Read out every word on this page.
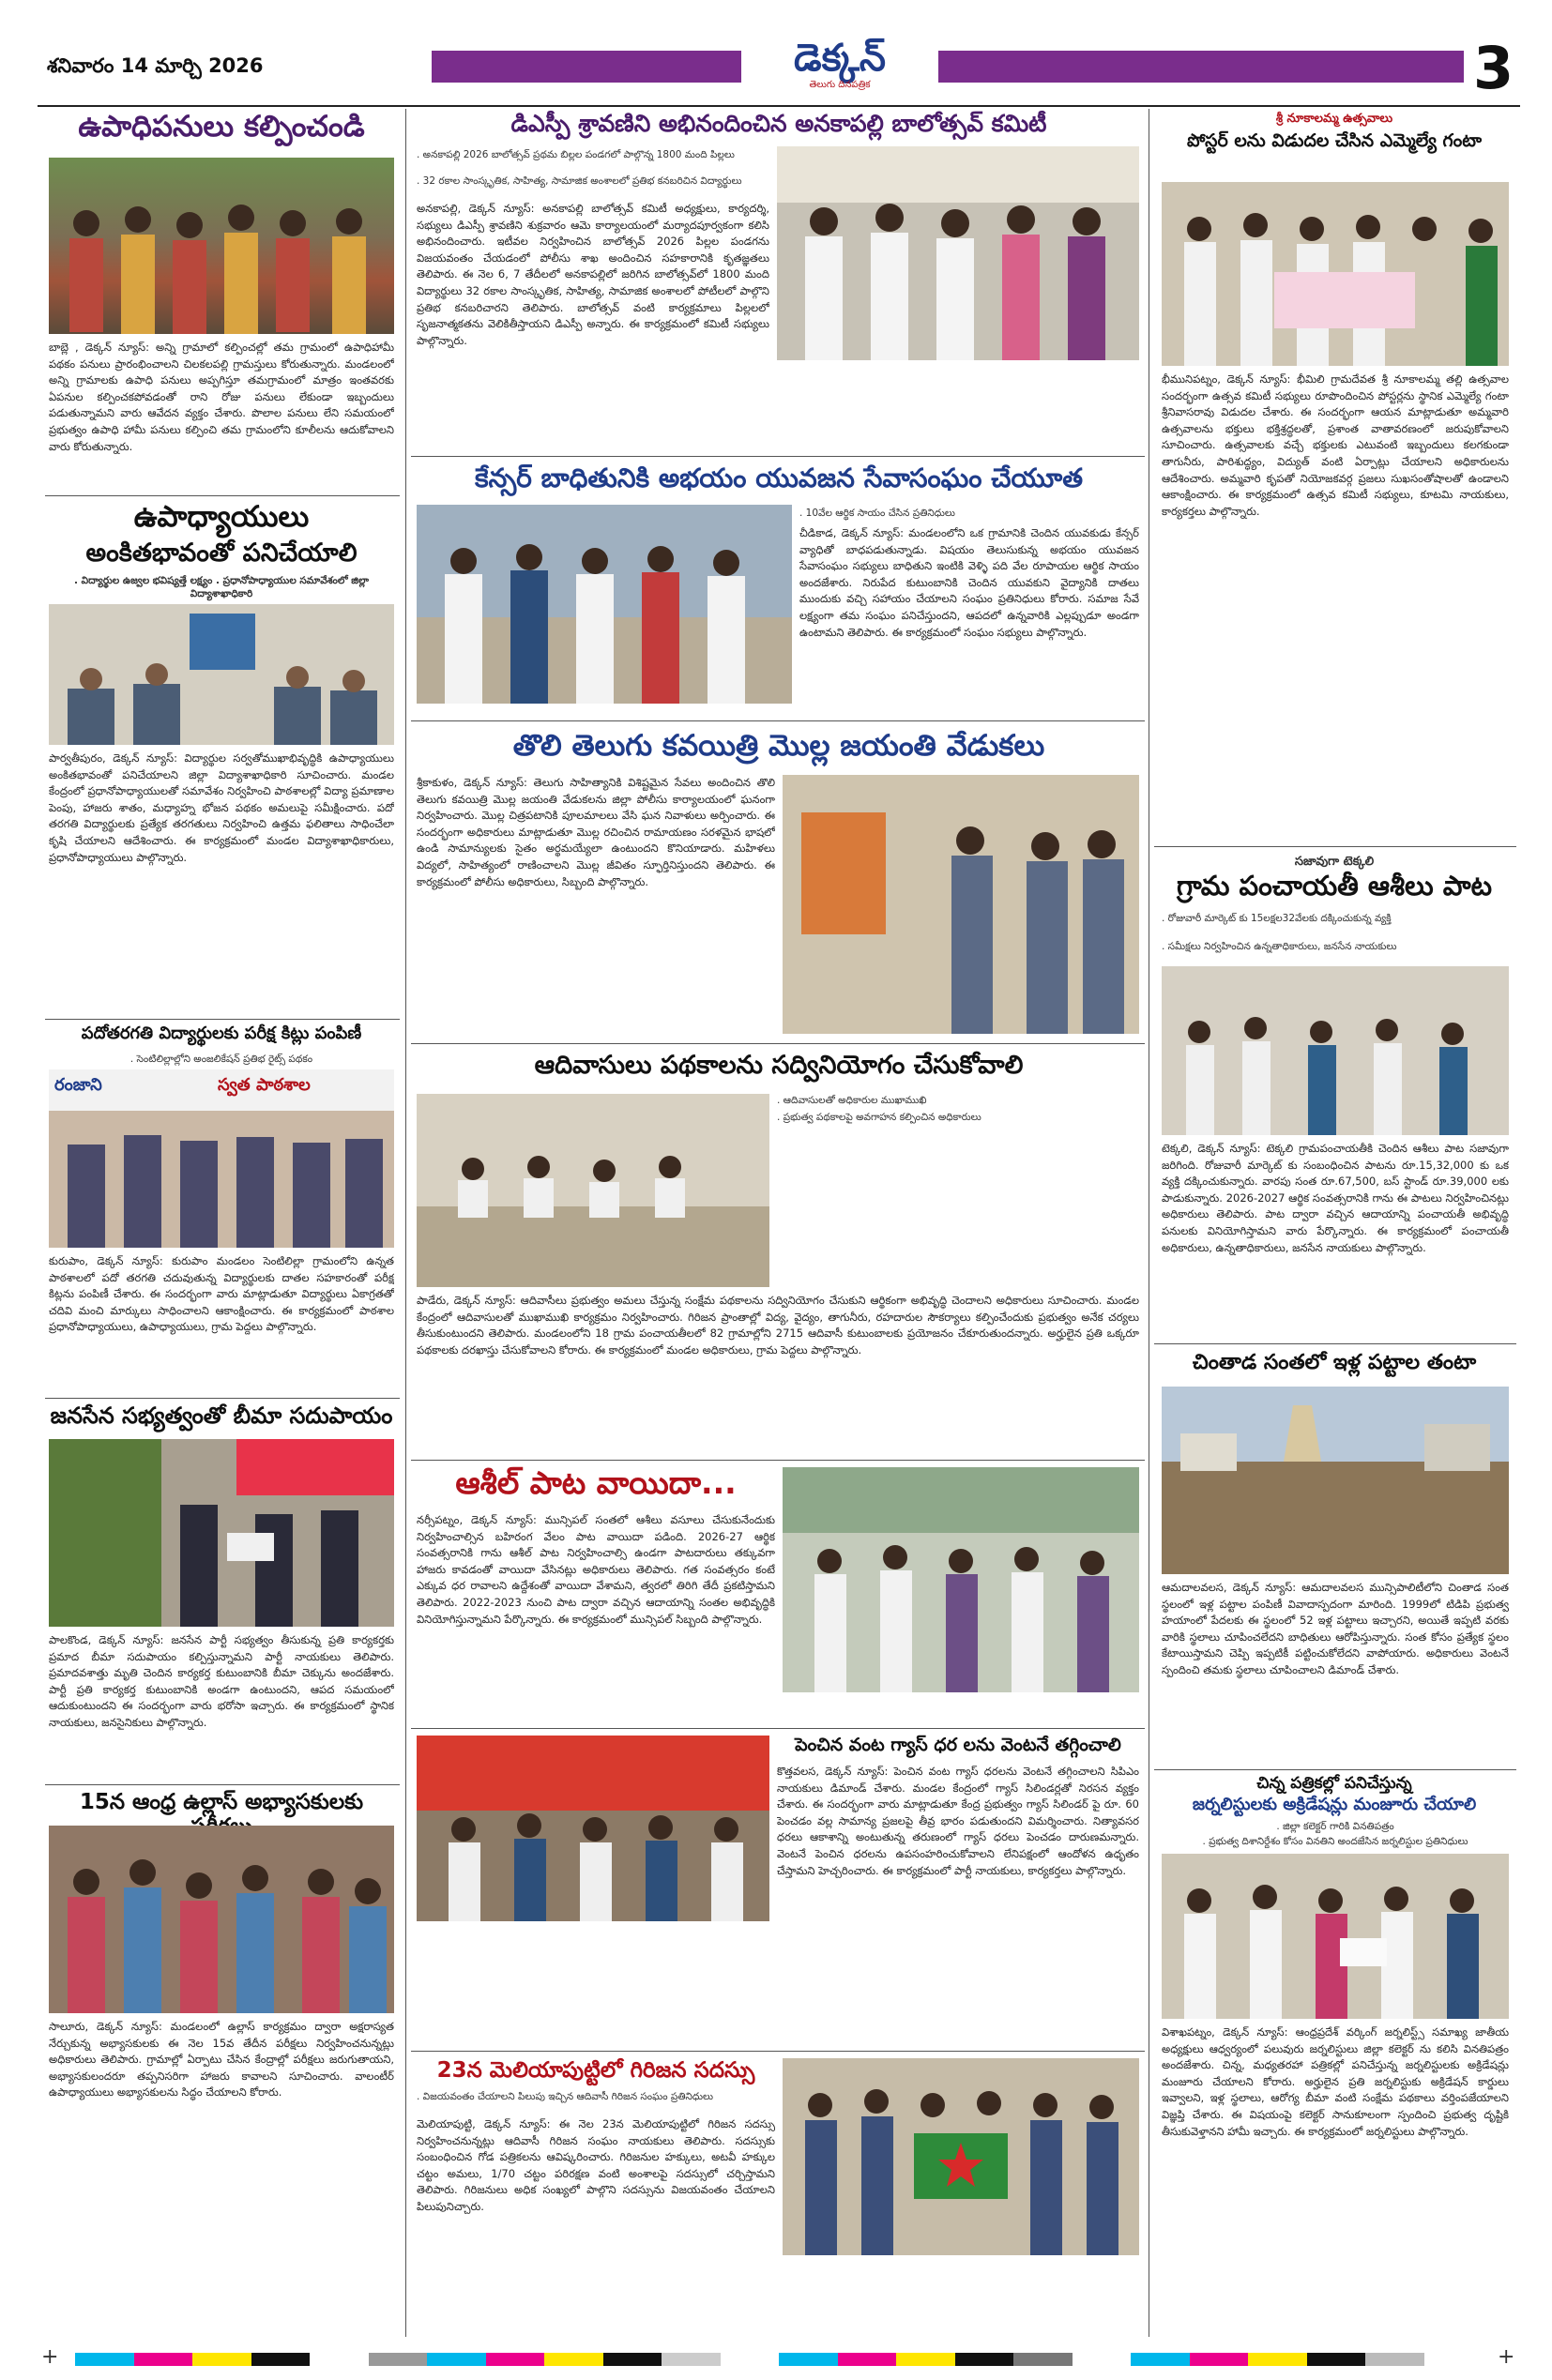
శనివారం 14 మార్చి 2026	డెక్కన్
తెలుగు దినపత్రిక	3
ఉపాధిపనులు కల్పించండి
బాబ్లె , డెక్కన్ న్యూస్: అన్ని గ్రామాలో కల్పించల్లో తమ గ్రామంలో ఉపాధిహామీ పథకం పనులు ప్రారంభించాలని చిలకలపల్లి గ్రామస్తులు కోరుతున్నారు. మండలంలో అన్ని గ్రామాలకు ఉపాధి పనులు అప్పగిస్తూ తమగ్రామంలో మాత్రం ఇంతవరకు ఏపనుల కల్పించకపోవడంతో రాని రోజు పనులు లేకుండా ఇబ్బందులు పడుతున్నామని వారు ఆవేదన వ్యక్తం చేశారు. పొలాల పనులు లేని సమయంలో ప్రభుత్వం ఉపాధి హామీ పనులు కల్పించి తమ గ్రామంలోని కూలీలను ఆదుకోవాలని వారు కోరుతున్నారు.
ఉపాధ్యాయులు
అంకితభావంతో పనిచేయాలి
. విద్యార్థుల ఉజ్వల భవిష్యత్తే లక్ష్యం . ప్రధానోపాధ్యాయుల సమావేశంలో జిల్లా విద్యాశాఖాధికారి
పార్వతీపురం, డెక్కన్ న్యూస్: విద్యార్థుల సర్వతోముఖాభివృద్ధికి ఉపాధ్యాయులు అంకితభావంతో పనిచేయాలని జిల్లా విద్యాశాఖాధికారి సూచించారు. మండల కేంద్రంలో ప్రధానోపాధ్యాయులతో సమావేశం నిర్వహించి పాఠశాలల్లో విద్యా ప్రమాణాల పెంపు, హాజరు శాతం, మధ్యాహ్న భోజన పథకం అమలుపై సమీక్షించారు. పదో తరగతి విద్యార్థులకు ప్రత్యేక తరగతులు నిర్వహించి ఉత్తమ ఫలితాలు సాధించేలా కృషి చేయాలని ఆదేశించారు. ఈ కార్యక్రమంలో మండల విద్యాశాఖాధికారులు, ప్రధానోపాధ్యాయులు పాల్గొన్నారు.
పదోతరగతి విద్యార్థులకు పరీక్ష కిట్లు పంపిణీ
. సెంటిలిల్లాల్లోని అంజలికేషన్ ప్రతిభ రైట్స్ పథకం
రంజాని	స్వత పాఠశాల
కురుపాం, డెక్కన్ న్యూస్: కురుపాం మండలం సెంటిలిల్లా గ్రామంలోని ఉన్నత పాఠశాలలో పదో తరగతి చదువుతున్న విద్యార్థులకు దాతల సహకారంతో పరీక్ష కిట్లను పంపిణీ చేశారు. ఈ సందర్భంగా వారు మాట్లాడుతూ విద్యార్థులు ఏకాగ్రతతో చదివి మంచి మార్కులు సాధించాలని ఆకాంక్షించారు. ఈ కార్యక్రమంలో పాఠశాల ప్రధానోపాధ్యాయులు, ఉపాధ్యాయులు, గ్రామ పెద్దలు పాల్గొన్నారు.
జనసేన సభ్యత్వంతో బీమా సదుపాయం
పాలకొండ, డెక్కన్ న్యూస్: జనసేన పార్టీ సభ్యత్వం తీసుకున్న ప్రతి కార్యకర్తకు ప్రమాద బీమా సదుపాయం కల్పిస్తున్నామని పార్టీ నాయకులు తెలిపారు. ప్రమాదవశాత్తు మృతి చెందిన కార్యకర్త కుటుంబానికి బీమా చెక్కును అందజేశారు. పార్టీ ప్రతి కార్యకర్త కుటుంబానికి అండగా ఉంటుందని, ఆపద సమయంలో ఆదుకుంటుందని ఈ సందర్భంగా వారు భరోసా ఇచ్చారు. ఈ కార్యక్రమంలో స్థానిక నాయకులు, జనసైనికులు పాల్గొన్నారు.
15న ఆంధ్ర ఉల్లాస్ అభ్యాసకులకు
సాలూరు, డెక్కన్ న్యూస్: మండలంలో ఉల్లాస్ కార్యక్రమం ద్వారా అక్షరాస్యత నేర్చుకున్న అభ్యాసకులకు ఈ నెల 15వ తేదీన పరీక్షలు నిర్వహించనున్నట్లు అధికారులు తెలిపారు. గ్రామాల్లో ఏర్పాటు చేసిన కేంద్రాల్లో పరీక్షలు జరుగుతాయని, అభ్యాసకులందరూ తప్పనిసరిగా హాజరు కావాలని సూచించారు. వాలంటీర్ ఉపాధ్యాయులు అభ్యాసకులను సిద్ధం చేయాలని కోరారు.
డిఎస్పీ శ్రావణిని అభినందించిన అనకాపల్లి బాలోత్సవ్ కమిటీ
. అనకాపల్లి 2026 బాలోత్సవ్ ప్రథమ బిల్లల పండగలో పాల్గొన్న 1800 మంది పిల్లలు
. 32 రకాల సాంస్కృతిక, సాహిత్య, సామాజిక అంశాలలో ప్రతిభ కనబరిచిన విద్యార్థులు
అనకాపల్లి, డెక్కన్ న్యూస్: అనకాపల్లి బాలోత్సవ్ కమిటీ అధ్యక్షులు, కార్యదర్శి, సభ్యులు డిఎస్పీ శ్రావణిని శుక్రవారం ఆమె కార్యాలయంలో మర్యాదపూర్వకంగా కలిసి అభినందించారు. ఇటీవల నిర్వహించిన బాలోత్సవ్ 2026 పిల్లల పండగను విజయవంతం చేయడంలో పోలీసు శాఖ అందించిన సహకారానికి కృతజ్ఞతలు తెలిపారు. ఈ నెల 6, 7 తేదీలలో అనకాపల్లిలో జరిగిన బాలోత్సవ్‌లో 1800 మంది విద్యార్థులు 32 రకాల సాంస్కృతిక, సాహిత్య, సామాజిక అంశాలలో పోటీలలో పాల్గొని ప్రతిభ కనబరిచారని తెలిపారు. బాలోత్సవ్ వంటి కార్యక్రమాలు పిల్లలలో సృజనాత్మకతను వెలికితీస్తాయని డిఎస్పీ అన్నారు. ఈ కార్యక్రమంలో కమిటీ సభ్యులు పాల్గొన్నారు.
కేన్సర్ బాధితునికి అభయం యువజన సేవాసంఘం చేయూత
. 10వేల ఆర్థిక సాయం చేసిన ప్రతినిధులు
చీడికాడ, డెక్కన్ న్యూస్: మండలంలోని ఒక గ్రామానికి చెందిన యువకుడు కేన్సర్ వ్యాధితో బాధపడుతున్నాడు. విషయం తెలుసుకున్న అభయం యువజన సేవాసంఘం సభ్యులు బాధితుని ఇంటికి వెళ్ళి పది వేల రూపాయల ఆర్థిక సాయం అందజేశారు. నిరుపేద కుటుంబానికి చెందిన యువకుని వైద్యానికి దాతలు ముందుకు వచ్చి సహాయం చేయాలని సంఘం ప్రతినిధులు కోరారు. సమాజ సేవే లక్ష్యంగా తమ సంఘం పనిచేస్తుందని, ఆపదలో ఉన్నవారికి ఎల్లప్పుడూ అండగా ఉంటామని తెలిపారు. ఈ కార్యక్రమంలో సంఘం సభ్యులు పాల్గొన్నారు.
తొలి తెలుగు కవయిత్రి మొల్ల జయంతి వేడుకలు
శ్రీకాకుళం, డెక్కన్ న్యూస్: తెలుగు సాహిత్యానికి విశిష్టమైన సేవలు అందించిన తొలి తెలుగు కవయిత్రి మొల్ల జయంతి వేడుకలను జిల్లా పోలీసు కార్యాలయంలో ఘనంగా నిర్వహించారు. మొల్ల చిత్రపటానికి పూలమాలలు వేసి ఘన నివాళులు అర్పించారు. ఈ సందర్భంగా అధికారులు మాట్లాడుతూ మొల్ల రచించిన రామాయణం సరళమైన భాషలో ఉండి సామాన్యులకు సైతం అర్థమయ్యేలా ఉంటుందని కొనియాడారు. మహిళలు విద్యలో, సాహిత్యంలో రాణించాలని మొల్ల జీవితం స్ఫూర్తినిస్తుందని తెలిపారు. ఈ కార్యక్రమంలో పోలీసు అధికారులు, సిబ్బంది పాల్గొన్నారు.
ఆదివాసులు పథకాలను సద్వినియోగం చేసుకోవాలి
. ఆదివాసులతో అధికారుల ముఖాముఖి
. ప్రభుత్వ పథకాలపై అవగాహన కల్పించిన అధికారులు
పాడేరు, డెక్కన్ న్యూస్: ఆదివాసీలు ప్రభుత్వం అమలు చేస్తున్న సంక్షేమ పథకాలను సద్వినియోగం చేసుకుని ఆర్థికంగా అభివృద్ధి చెందాలని అధికారులు సూచించారు. మండల కేంద్రంలో ఆదివాసులతో ముఖాముఖి కార్యక్రమం నిర్వహించారు. గిరిజన ప్రాంతాల్లో విద్య, వైద్యం, తాగునీరు, రహదారుల సౌకర్యాలు కల్పించేందుకు ప్రభుత్వం అనేక చర్యలు తీసుకుంటుందని తెలిపారు. మండలంలోని 18 గ్రామ పంచాయతీలలో 82 గ్రామాల్లోని 2715 ఆదివాసీ కుటుంబాలకు ప్రయోజనం చేకూరుతుందన్నారు. అర్హులైన ప్రతి ఒక్కరూ పథకాలకు దరఖాస్తు చేసుకోవాలని కోరారు. ఈ కార్యక్రమంలో మండల అధికారులు, గ్రామ పెద్దలు పాల్గొన్నారు.
ఆశీల్ పాట వాయిదా...
నర్సీపట్నం, డెక్కన్ న్యూస్: మున్సిపల్ సంతలో ఆశీలు వసూలు చేసుకునేందుకు నిర్వహించాల్సిన బహిరంగ వేలం పాట వాయిదా పడింది. 2026-27 ఆర్థిక సంవత్సరానికి గాను ఆశీల్ పాట నిర్వహించాల్సి ఉండగా పాటదారులు తక్కువగా హాజరు కావడంతో వాయిదా వేసినట్లు అధికారులు తెలిపారు. గత సంవత్సరం కంటే ఎక్కువ ధర రావాలని ఉద్దేశంతో వాయిదా వేశామని, త్వరలో తిరిగి తేదీ ప్రకటిస్తామని తెలిపారు. 2022-2023 నుంచి పాట ద్వారా వచ్చిన ఆదాయాన్ని సంతల అభివృద్ధికి వినియోగిస్తున్నామని పేర్కొన్నారు. ఈ కార్యక్రమంలో మున్సిపల్ సిబ్బంది పాల్గొన్నారు.
పెంచిన వంట గ్యాస్ ధర లను వెంటనే తగ్గించాలి
కొత్తవలస, డెక్కన్ న్యూస్: పెంచిన వంట గ్యాస్ ధరలను వెంటనే తగ్గించాలని సిపిఎం నాయకులు డిమాండ్ చేశారు. మండల కేంద్రంలో గ్యాస్ సిలిండర్లతో నిరసన వ్యక్తం చేశారు. ఈ సందర్భంగా వారు మాట్లాడుతూ కేంద్ర ప్రభుత్వం గ్యాస్ సిలిండర్ పై రూ. 60 పెంచడం వల్ల సామాన్య ప్రజలపై తీవ్ర భారం పడుతుందని విమర్శించారు. నిత్యావసర ధరలు ఆకాశాన్ని అంటుతున్న తరుణంలో గ్యాస్ ధరలు పెంచడం దారుణమన్నారు. వెంటనే పెంచిన ధరలను ఉపసంహరించుకోవాలని లేనిపక్షంలో ఆందోళన ఉధృతం చేస్తామని హెచ్చరించారు. ఈ కార్యక్రమంలో పార్టీ నాయకులు, కార్యకర్తలు పాల్గొన్నారు.
23న మెలియాపుట్టిలో గిరిజన సదస్సు
. విజయవంతం చేయాలని పిలుపు ఇచ్చిన ఆదివాసీ గిరిజన సంఘం ప్రతినిధులు
మెలియాపుట్టి, డెక్కన్ న్యూస్: ఈ నెల 23న మెలియాపుట్టిలో గిరిజన సదస్సు నిర్వహించనున్నట్లు ఆదివాసీ గిరిజన సంఘం నాయకులు తెలిపారు. సదస్సుకు సంబంధించిన గోడ పత్రికలను ఆవిష్కరించారు. గిరిజనుల హక్కులు, అటవీ హక్కుల చట్టం అమలు, 1/70 చట్టం పరిరక్షణ వంటి అంశాలపై సదస్సులో చర్చిస్తామని తెలిపారు. గిరిజనులు అధిక సంఖ్యలో పాల్గొని సదస్సును విజయవంతం చేయాలని పిలుపునిచ్చారు.
శ్రీ నూకాలమ్మ ఉత్సవాలు
పోస్టర్ లను విడుదల చేసిన ఎమ్మెల్యే గంటా
భీమునిపట్నం, డెక్కన్ న్యూస్: భీమిలి గ్రామదేవత శ్రీ నూకాలమ్మ తల్లి ఉత్సవాల సందర్భంగా ఉత్సవ కమిటీ సభ్యులు రూపొందించిన పోస్టర్లను స్థానిక ఎమ్మెల్యే గంటా శ్రీనివాసరావు విడుదల చేశారు. ఈ సందర్భంగా ఆయన మాట్లాడుతూ అమ్మవారి ఉత్సవాలను భక్తులు భక్తిశ్రద్ధలతో, ప్రశాంత వాతావరణంలో జరుపుకోవాలని సూచించారు. ఉత్సవాలకు వచ్చే భక్తులకు ఎటువంటి ఇబ్బందులు కలగకుండా తాగునీరు, పారిశుద్ధ్యం, విద్యుత్ వంటి ఏర్పాట్లు చేయాలని అధికారులను ఆదేశించారు. అమ్మవారి కృపతో నియోజకవర్గ ప్రజలు సుఖసంతోషాలతో ఉండాలని ఆకాంక్షించారు. ఈ కార్యక్రమంలో ఉత్సవ కమిటీ సభ్యులు, కూటమి నాయకులు, కార్యకర్తలు పాల్గొన్నారు.
సజావుగా టెక్కలి
గ్రామ పంచాయతీ ఆశీలు పాట
. రోజువారీ మార్కెట్ కు 15లక్షల32వేలకు దక్కించుకున్న వ్యక్తి
. సమీక్షలు నిర్వహించిన ఉన్నతాధికారులు, జనసేన నాయకులు
టెక్కలి, డెక్కన్ న్యూస్: టెక్కలి గ్రామపంచాయతీకి చెందిన ఆశీలు పాట సజావుగా జరిగింది. రోజువారీ మార్కెట్ కు సంబంధించిన పాటను రూ.15,32,000 కు ఒక వ్యక్తి దక్కించుకున్నారు. వారపు సంత రూ.67,500, బస్ స్టాండ్ రూ.39,000 లకు పాడుకున్నారు. 2026-2027 ఆర్థిక సంవత్సరానికి గాను ఈ పాటలు నిర్వహించినట్లు అధికారులు తెలిపారు. పాట ద్వారా వచ్చిన ఆదాయాన్ని పంచాయతీ అభివృద్ధి పనులకు వినియోగిస్తామని వారు పేర్కొన్నారు. ఈ కార్యక్రమంలో పంచాయతీ అధికారులు, ఉన్నతాధికారులు, జనసేన నాయకులు పాల్గొన్నారు.
చింతాడ సంతలో ఇళ్ల పట్టాల తంటా
ఆమదాలవలస, డెక్కన్ న్యూస్: ఆమదాలవలస మున్సిపాలిటీలోని చింతాడ సంత స్థలంలో ఇళ్ల పట్టాల పంపిణీ వివాదాస్పదంగా మారింది. 1999లో టిడిపి ప్రభుత్వ హయాంలో పేదలకు ఈ స్థలంలో 52 ఇళ్ల పట్టాలు ఇచ్చారని, అయితే ఇప్పటి వరకు వారికి స్థలాలు చూపించలేదని బాధితులు ఆరోపిస్తున్నారు. సంత కోసం ప్రత్యేక స్థలం కేటాయిస్తామని చెప్పి ఇప్పటికీ పట్టించుకోలేదని వాపోయారు. అధికారులు వెంటనే స్పందించి తమకు స్థలాలు చూపించాలని డిమాండ్ చేశారు.
చిన్న పత్రికల్లో పనిచేస్తున్న
జర్నలిస్టులకు అక్రిడేషన్లు మంజూరు చేయాలి
. జిల్లా కలెక్టర్ గారికి వినతిపత్రం
. ప్రభుత్వ దిశానిర్దేశం కోసం వినతిని అందజేసిన జర్నలిస్టుల ప్రతినిధులు
విశాఖపట్నం, డెక్కన్ న్యూస్: ఆంధ్రప్రదేశ్ వర్కింగ్ జర్నలిస్ట్స్ సమాఖ్య జాతీయ అధ్యక్షులు ఆధ్వర్యంలో పలువురు జర్నలిస్టులు జిల్లా కలెక్టర్ ను కలిసి వినతిపత్రం అందజేశారు. చిన్న, మధ్యతరహా పత్రికల్లో పనిచేస్తున్న జర్నలిస్టులకు అక్రిడేషన్లు మంజూరు చేయాలని కోరారు. అర్హులైన ప్రతి జర్నలిస్టుకు అక్రిడేషన్ కార్డులు ఇవ్వాలని, ఇళ్ల స్థలాలు, ఆరోగ్య బీమా వంటి సంక్షేమ పథకాలు వర్తింపజేయాలని విజ్ఞప్తి చేశారు. ఈ విషయంపై కలెక్టర్ సానుకూలంగా స్పందించి ప్రభుత్వ దృష్టికి తీసుకువెళ్తానని హామీ ఇచ్చారు. ఈ కార్యక్రమంలో జర్నలిస్టులు పాల్గొన్నారు.
+	+
